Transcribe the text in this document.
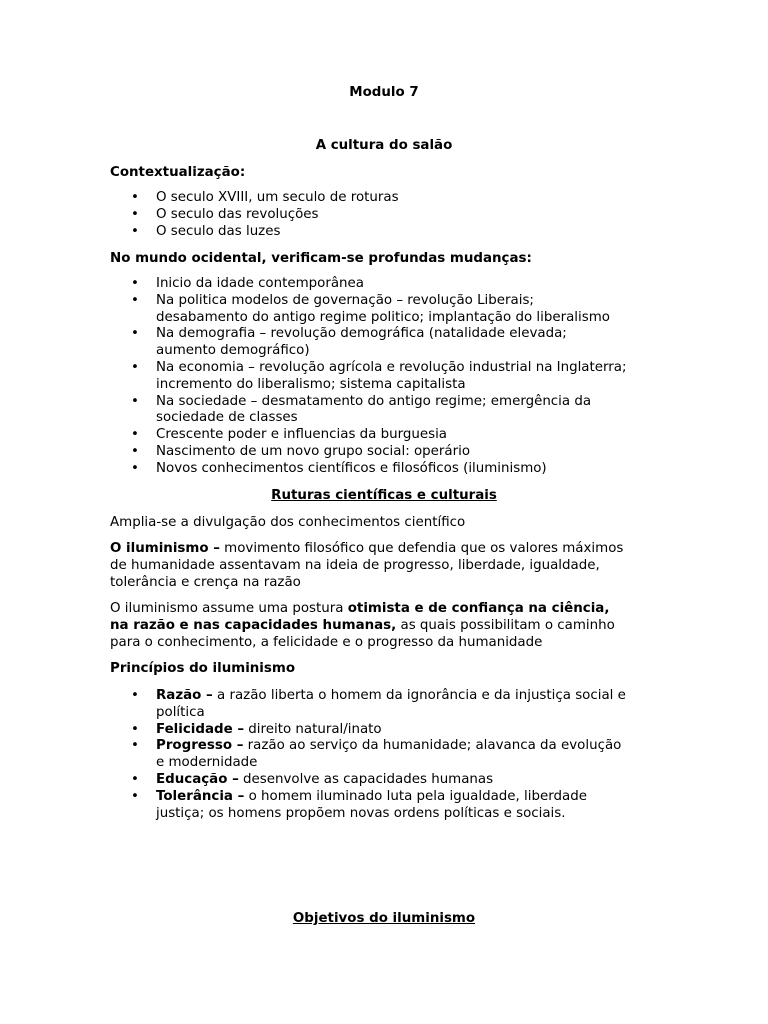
Modulo 7
A cultura do salão
Contextualização:
• O seculo XVIII, um seculo de roturas
• O seculo das revoluções
• O seculo das luzes
No mundo ocidental, verificam-se profundas mudanças:
• Inicio da idade contemporânea
• Na politica modelos de governação – revolução Liberais;
desabamento do antigo regime politico; implantação do liberalismo
• Na demografia – revolução demográfica (natalidade elevada;
aumento demográfico)
• Na economia – revolução agrícola e revolução industrial na Inglaterra;
incremento do liberalismo; sistema capitalista
• Na sociedade – desmatamento do antigo regime; emergência da
sociedade de classes
• Crescente poder e influencias da burguesia
• Nascimento de um novo grupo social: operário
• Novos conhecimentos científicos e filosóficos (iluminismo)
Ruturas científicas e culturais
Amplia-se a divulgação dos conhecimentos científico
O iluminismo – movimento filosófico que defendia que os valores máximos
de humanidade assentavam na ideia de progresso, liberdade, igualdade,
tolerância e crença na razão
O iluminismo assume uma postura otimista e de confiança na ciência,
na razão e nas capacidades humanas, as quais possibilitam o caminho
para o conhecimento, a felicidade e o progresso da humanidade
Princípios do iluminismo
• Razão – a razão liberta o homem da ignorância e da injustiça social e
política
• Felicidade – direito natural/inato
• Progresso – razão ao serviço da humanidade; alavanca da evolução
e modernidade
• Educação – desenvolve as capacidades humanas
• Tolerância – o homem iluminado luta pela igualdade, liberdade
justiça; os homens propõem novas ordens políticas e sociais.
Objetivos do iluminismo
